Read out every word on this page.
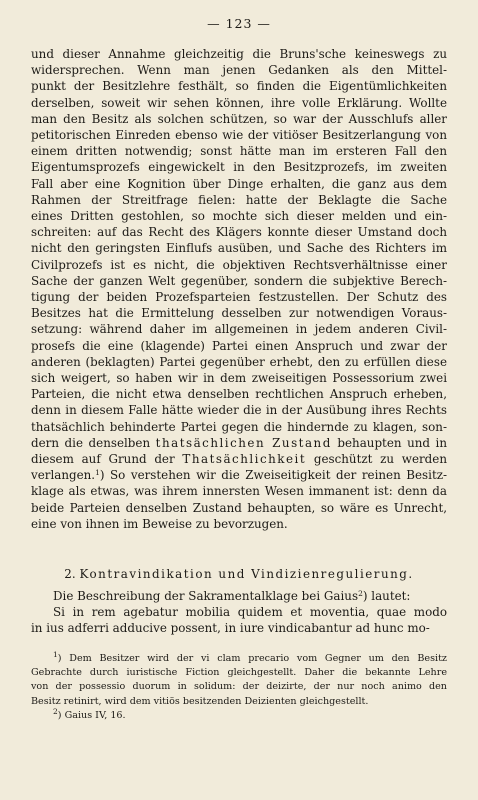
— 123 —
und dieser Annahme gleichzeitig die Bruns'sche keineswegs zu
widersprechen. Wenn man jenen Gedanken als den Mittel-
punkt der Besitzlehre festhält, so finden die Eigentümlichkeiten
derselben, soweit wir sehen können, ihre volle Erklärung. Wollte
man den Besitz als solchen schützen, so war der Ausschlufs aller
petitorischen Einreden ebenso wie der vitiöser Besitzerlangung von
einem dritten notwendig; sonst hätte man im ersteren Fall den
Eigentumsprozefs eingewickelt in den Besitzprozefs, im zweiten
Fall aber eine Kognition über Dinge erhalten, die ganz aus dem
Rahmen der Streitfrage fielen: hatte der Beklagte die Sache
eines Dritten gestohlen, so mochte sich dieser melden und ein-
schreiten: auf das Recht des Klägers konnte dieser Umstand doch
nicht den geringsten Einflufs ausüben, und Sache des Richters im
Civilprozefs ist es nicht, die objektiven Rechtsverhältnisse einer
Sache der ganzen Welt gegenüber, sondern die subjektive Berech-
tigung der beiden Prozefsparteien festzustellen. Der Schutz des
Besitzes hat die Ermittelung desselben zur notwendigen Voraus-
setzung: während daher im allgemeinen in jedem anderen Civil-
prosefs die eine (klagende) Partei einen Anspruch und zwar der
anderen (beklagten) Partei gegenüber erhebt, den zu erfüllen diese
sich weigert, so haben wir in dem zweiseitigen Possessorium zwei
Parteien, die nicht etwa denselben rechtlichen Anspruch erheben,
denn in diesem Falle hätte wieder die in der Ausübung ihres Rechts
thatsächlich behinderte Partei gegen die hindernde zu klagen, son-
dern die denselben thatsächlichen Zustand behaupten und in
diesem auf Grund der Thatsächlichkeit geschützt zu werden
verlangen.$^1$) So verstehen wir die Zweiseitigkeit der reinen Besitz-
klage als etwas, was ihrem innersten Wesen immanent ist: denn da
beide Parteien denselben Zustand behaupten, so wäre es Unrecht,
eine von ihnen im Beweise zu bevorzugen.
2. Kontravindikation und Vindizienregulierung.
Die Beschreibung der Sakramentalklage bei Gaius$^2$) lautet:
Si in rem agebatur mobilia quidem et moventia, quae modo
in ius adferri adducive possent, in iure vindicabantur ad hunc mo-
$^1$) Dem Besitzer wird der vi clam precario vom Gegner um den Besitz
Gebrachte durch iuristische Fiction gleichgestellt. Daher die bekannte Lehre
von der possessio duorum in solidum: der deizirte, der nur noch animo den
Besitz retinirt, wird dem vitiös besitzenden Deizienten gleichgestellt.
$^2$) Gaius IV, 16.
